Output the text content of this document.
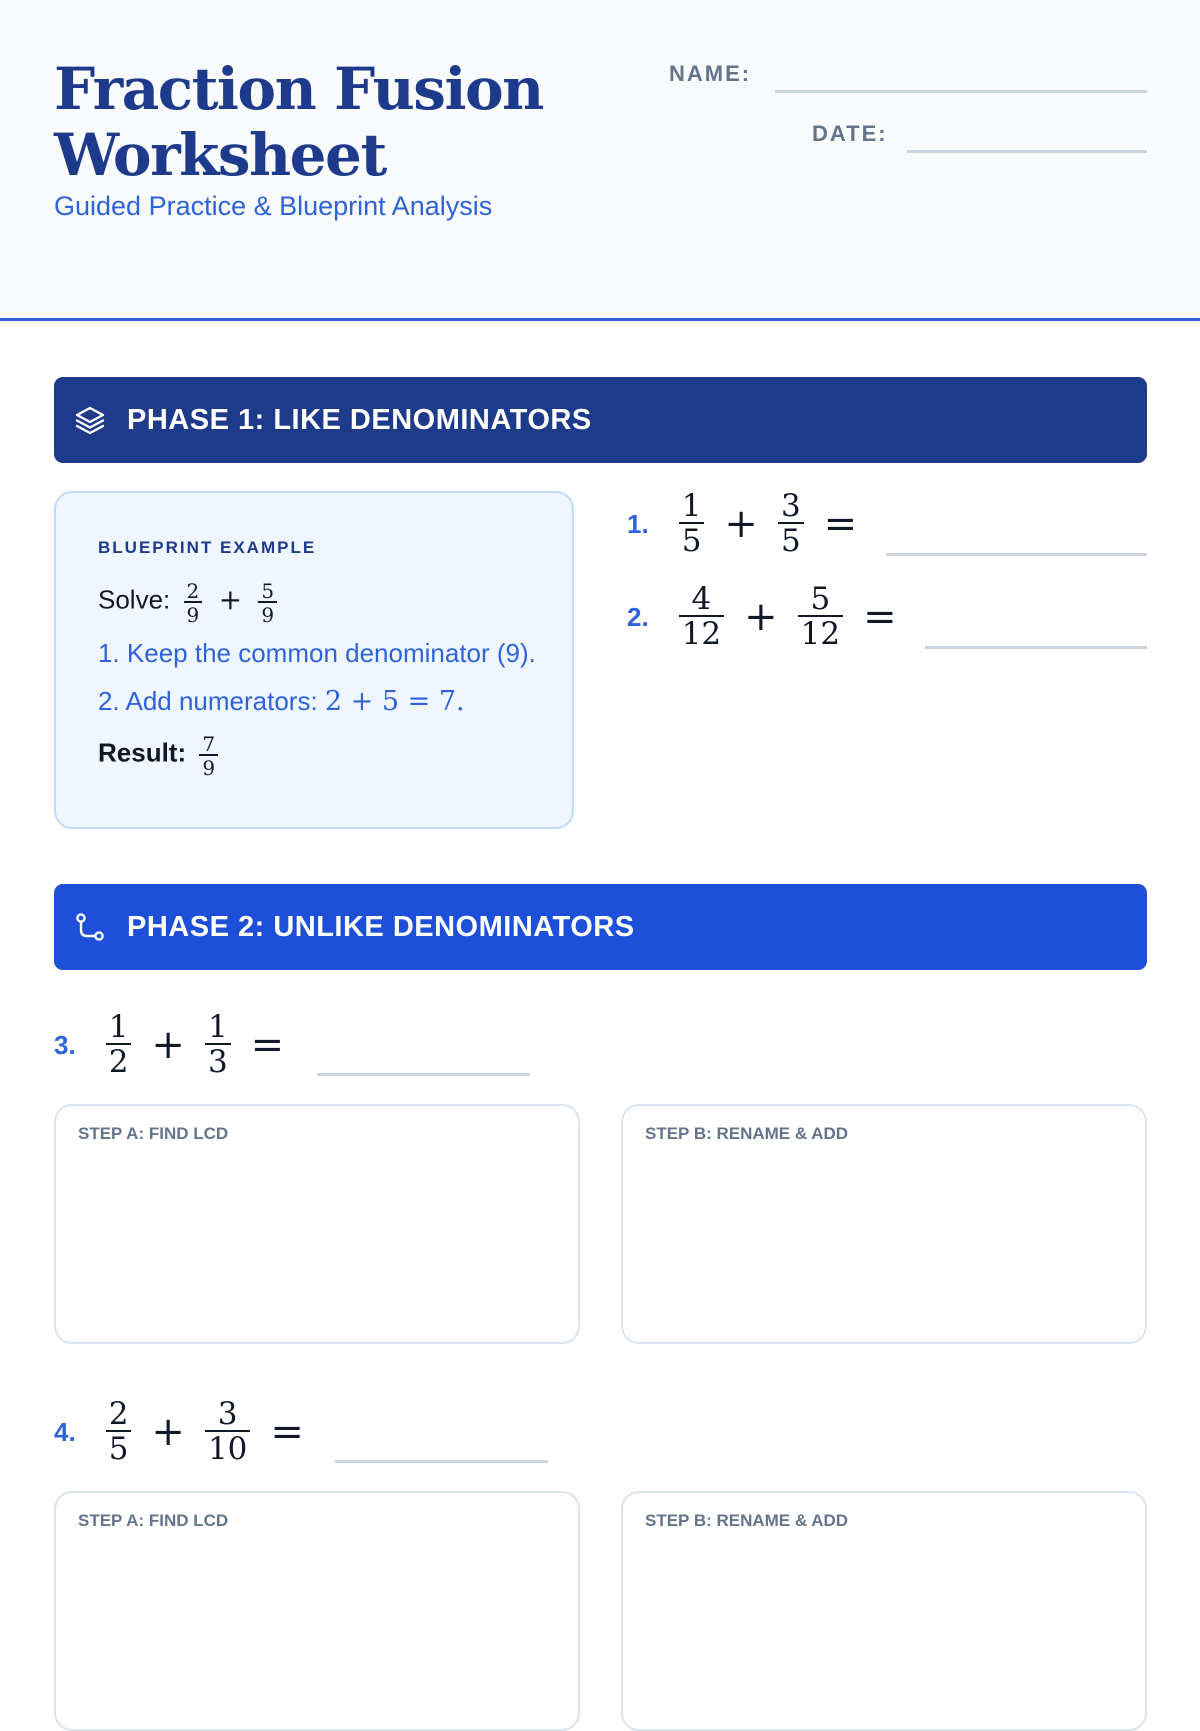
Fraction Fusion
Worksheet
Guided Practice & Blueprint Analysis
NAME:
DATE:
PHASE 1: LIKE DENOMINATORS
BLUEPRINT EXAMPLE
Solve: $\frac{2}{9} + \frac{5}{9}$
1. Keep the common denominator (9).
2. Add numerators: 2 + 5 = 7.
Result: $\frac{7}{9}$
1. $\frac{1}{5} + \frac{3}{5}$ =
2. $\frac{4}{12} + \frac{5}{12}$ =
PHASE 2: UNLIKE DENOMINATORS
3. $\frac{1}{2} + \frac{1}{3}$ =
STEP A: FIND LCD	STEP B: RENAME & ADD
4. $\frac{2}{5} + \frac{3}{10}$ =
STEP A: FIND LCD	STEP B: RENAME & ADD
